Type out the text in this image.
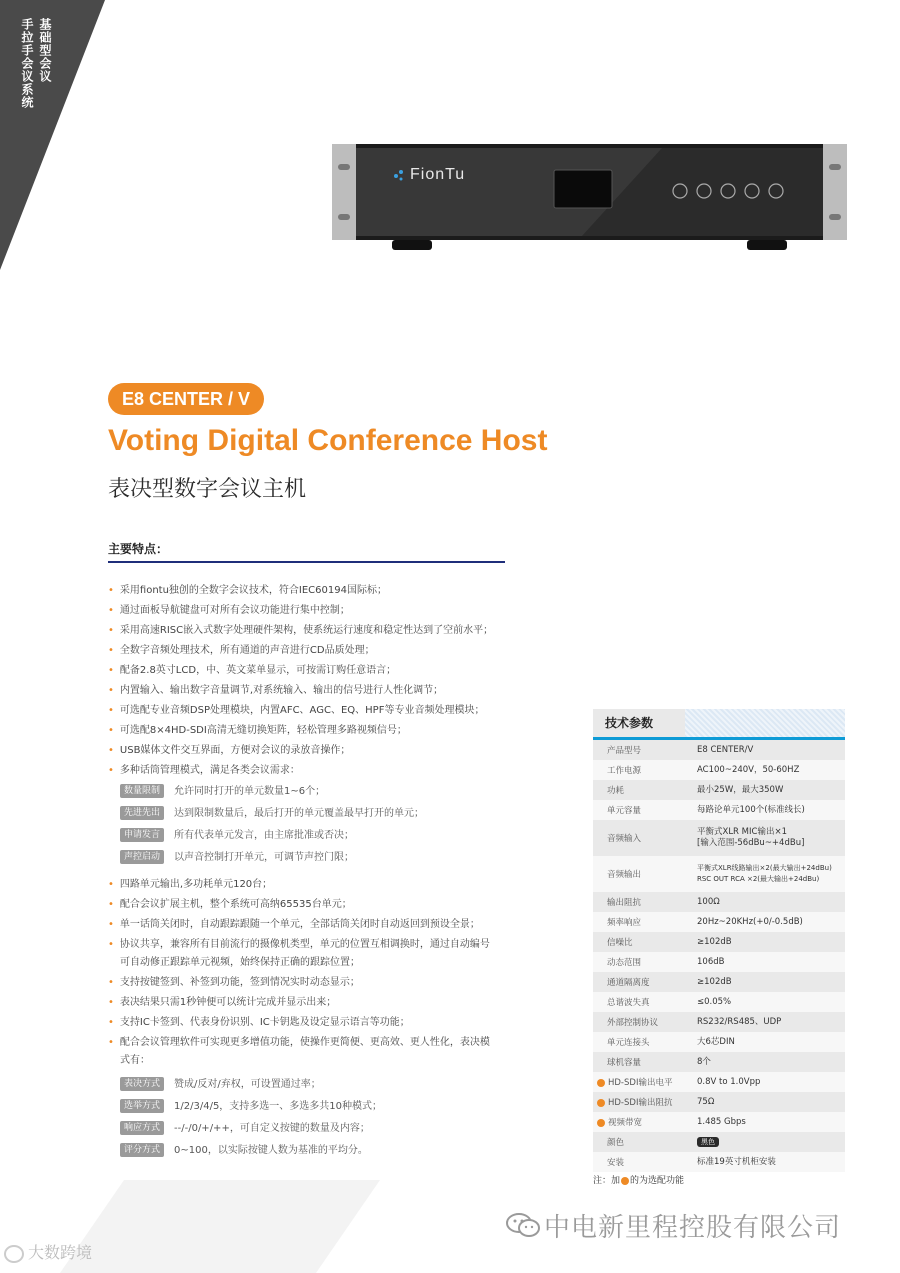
基础型会议
手拉手会议系统
FionTu
E8 CENTER / V
Voting Digital Conference Host
表决型数字会议主机
主要特点：
• 采用fiontu独创的全数字会议技术，符合IEC60194国际标；
• 通过面板导航键盘可对所有会议功能进行集中控制；
• 采用高速RISC嵌入式数字处理硬件架构，使系统运行速度和稳定性达到了空前水平；
• 全数字音频处理技术，所有通道的声音进行CD品质处理；
• 配备2.8英寸LCD，中、英文菜单显示，可按需订购任意语言；
• 内置输入、输出数字音量调节,对系统输入、输出的信号进行人性化调节；
• 可选配专业音频DSP处理模块，内置AFC、AGC、EQ、HPF等专业音频处理模块；
• 可选配8×4HD-SDI高清无缝切换矩阵，轻松管理多路视频信号；
• USB媒体文件交互界面，方便对会议的录放音操作；
• 多种话筒管理模式，满足各类会议需求：
数量限制 允许同时打开的单元数量1~6个；
先进先出 达到限制数量后，最后打开的单元覆盖最早打开的单元；
申请发言 所有代表单元发言，由主席批准或否决；
声控启动 以声音控制打开单元，可调节声控门限；
• 四路单元输出,多功耗单元120台；
• 配合会议扩展主机，整个系统可高纳65535台单元；
• 单一话筒关闭时，自动跟踪跟随一个单元，全部话筒关闭时自动返回到预设全景；
• 协议共享，兼容所有目前流行的摄像机类型，单元的位置互相调换时，通过自动编号
可自动修正跟踪单元视频，始终保持正确的跟踪位置；
• 支持按键签到、补签到功能，签到情况实时动态显示；
• 表决结果只需1秒钟便可以统计完成并显示出来；
• 支持IC卡签到、代表身份识别、IC卡钥匙及设定显示语言等功能；
• 配合会议管理软件可实现更多增值功能，使操作更简便、更高效、更人性化，表决模
式有：
表决方式 赞成/反对/弃权，可设置通过率；
选举方式 1/2/3/4/5，支持多选一、多选多共10种模式；
响应方式 --/-/0/+/++，可自定义按键的数量及内容；
评分方式 0~100，以实际按键人数为基准的平均分。
技术参数
产品型号	E8 CENTER/V
工作电源	AC100~240V，50-60HZ
功耗	最小25W，最大350W
单元容量	每路论单元100个(标准线长)
音频输入	平衡式XLR MIC输出×1
[输入范围-56dBu~+4dBu]

音频输出	平衡式XLR线路输出×2(最大输出+24dBu)
RSC OUT RCA ×2(最大输出+24dBu)

输出阻抗	100Ω
频率响应	20Hz~20KHz(+0/-0.5dB)
信噪比	≥102dB
动态范围	106dB
通道隔离度	≥102dB
总谐波失真	≤0.05%
外部控制协议	RS232/RS485、UDP
单元连接头	大6芯DIN
球机容量	8个
HD-SDI输出电平	0.8V to 1.0Vpp
HD-SDI输出阻抗	75Ω
视频带宽	1.485 Gbps
颜色	黑色
安装	标准19英寸机柜安装
注：加 的为选配功能
大数跨境
中电新里程控股有限公司
